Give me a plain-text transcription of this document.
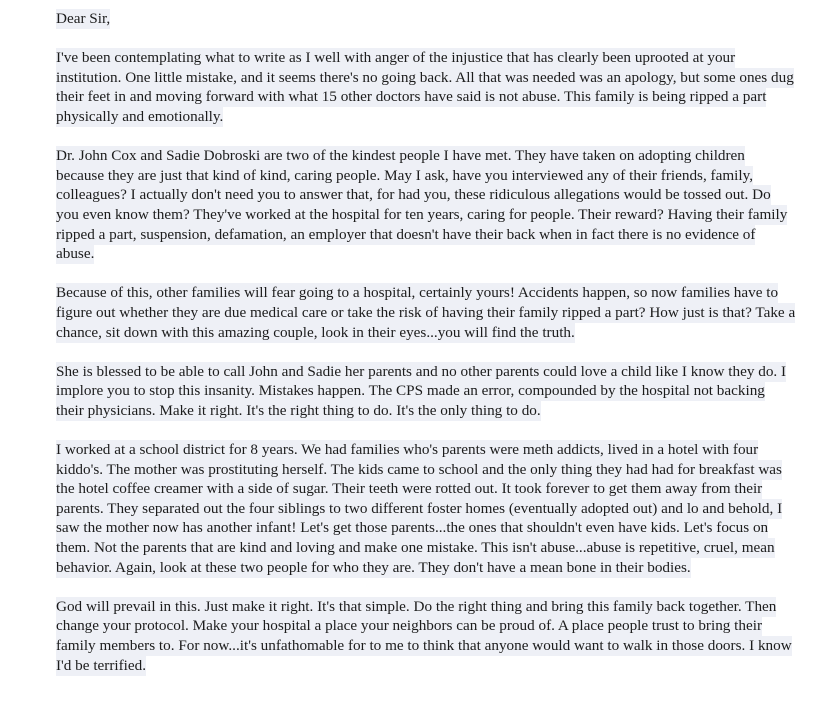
Dear Sir,

I've been contemplating what to write as I well with anger of the injustice that has clearly been uprooted at your institution. One little mistake, and it seems there's no going back. All that was needed was an apology, but some ones dug their feet in and moving forward with what 15 other doctors have said is not abuse. This family is being ripped a part physically and emotionally.

Dr. John Cox and Sadie Dobroski are two of the kindest people I have met. They have taken on adopting children because they are just that kind of kind, caring people. May I ask, have you interviewed any of their friends, family, colleagues? I actually don't need you to answer that, for had you, these ridiculous allegations would be tossed out. Do you even know them? They've worked at the hospital for ten years, caring for people. Their reward? Having their family ripped a part, suspension, defamation, an employer that doesn't have their back when in fact there is no evidence of abuse.

Because of this, other families will fear going to a hospital, certainly yours! Accidents happen, so now families have to figure out whether they are due medical care or take the risk of having their family ripped a part? How just is that? Take a chance, sit down with this amazing couple, look in their eyes...you will find the truth.

She is blessed to be able to call John and Sadie her parents and no other parents could love a child like I know they do. I implore you to stop this insanity. Mistakes happen. The CPS made an error, compounded by the hospital not backing their physicians. Make it right. It's the right thing to do. It's the only thing to do.

I worked at a school district for 8 years. We had families who's parents were meth addicts, lived in a hotel with four kiddo's. The mother was prostituting herself. The kids came to school and the only thing they had had for breakfast was the hotel coffee creamer with a side of sugar. Their teeth were rotted out. It took forever to get them away from their parents. They separated out the four siblings to two different foster homes (eventually adopted out) and lo and behold, I saw the mother now has another infant! Let's get those parents...the ones that shouldn't even have kids. Let's focus on them. Not the parents that are kind and loving and make one mistake. This isn't abuse...abuse is repetitive, cruel, mean behavior. Again, look at these two people for who they are. They don't have a mean bone in their bodies.

God will prevail in this. Just make it right. It's that simple. Do the right thing and bring this family back together. Then change your protocol. Make your hospital a place your neighbors can be proud of. A place people trust to bring their family members to. For now...it's unfathomable for to me to think that anyone would want to walk in those doors. I know I'd be terrified.
